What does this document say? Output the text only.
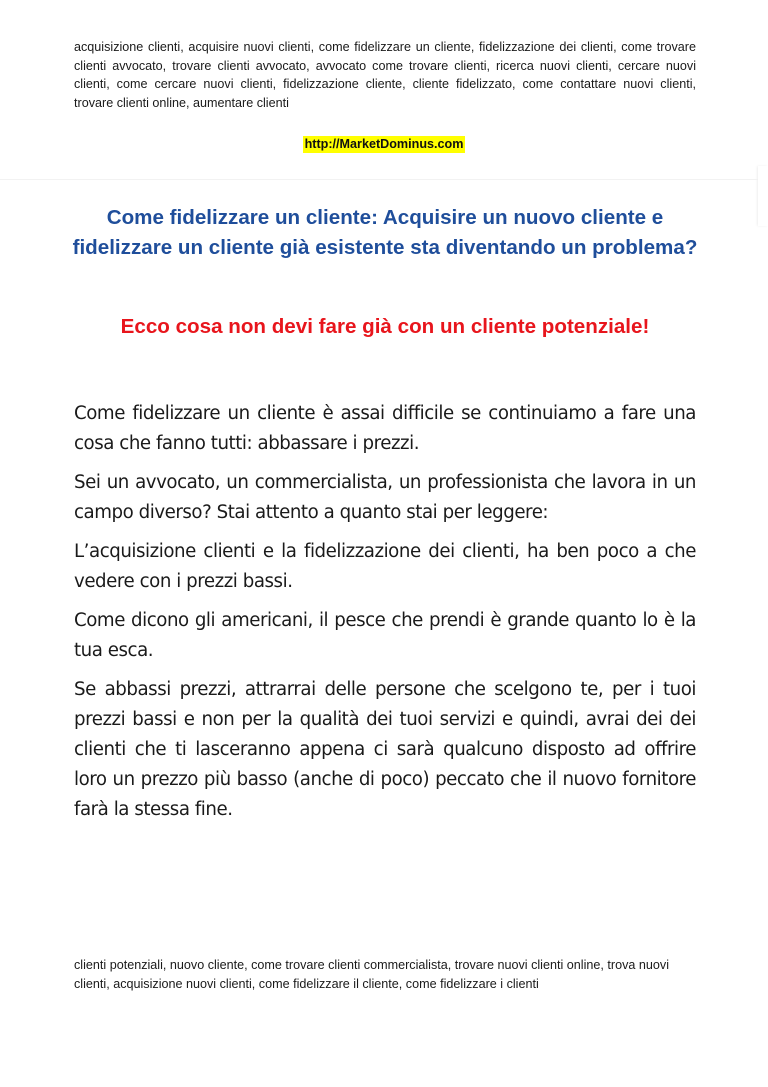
acquisizione clienti, acquisire nuovi clienti, come fidelizzare un cliente, fidelizzazione dei clienti, come trovare clienti avvocato, trovare clienti avvocato, avvocato come trovare clienti, ricerca nuovi clienti, cercare nuovi clienti, come cercare nuovi clienti, fidelizzazione cliente, cliente fidelizzato, come contattare nuovi clienti, trovare clienti online, aumentare clienti
http://MarketDominus.com
Come fidelizzare un cliente: Acquisire un nuovo cliente e fidelizzare un cliente già esistente sta diventando un problema?
Ecco cosa non devi fare già con un cliente potenziale!

Come fidelizzare un cliente è assai difficile se continuiamo a fare una cosa che fanno tutti: abbassare i prezzi.

Sei un avvocato, un commercialista, un professionista che lavora in un campo diverso? Stai attento a quanto stai per leggere:

L’acquisizione clienti e la fidelizzazione dei clienti, ha ben poco a che vedere con i prezzi bassi.

Come dicono gli americani, il pesce che prendi è grande quanto lo è la tua esca.

Se abbassi prezzi, attrarrai delle persone che scelgono te, per i tuoi prezzi bassi e non per la qualità dei tuoi servizi e quindi, avrai dei dei clienti che ti lasceranno appena ci sarà qualcuno disposto ad offrire loro un prezzo più basso (anche di poco) peccato che il nuovo fornitore farà la stessa fine.

clienti potenziali, nuovo cliente, come trovare clienti commercialista, trovare nuovi clienti online, trova nuovi clienti, acquisizione nuovi clienti, come fidelizzare il cliente, come fidelizzare i clienti
